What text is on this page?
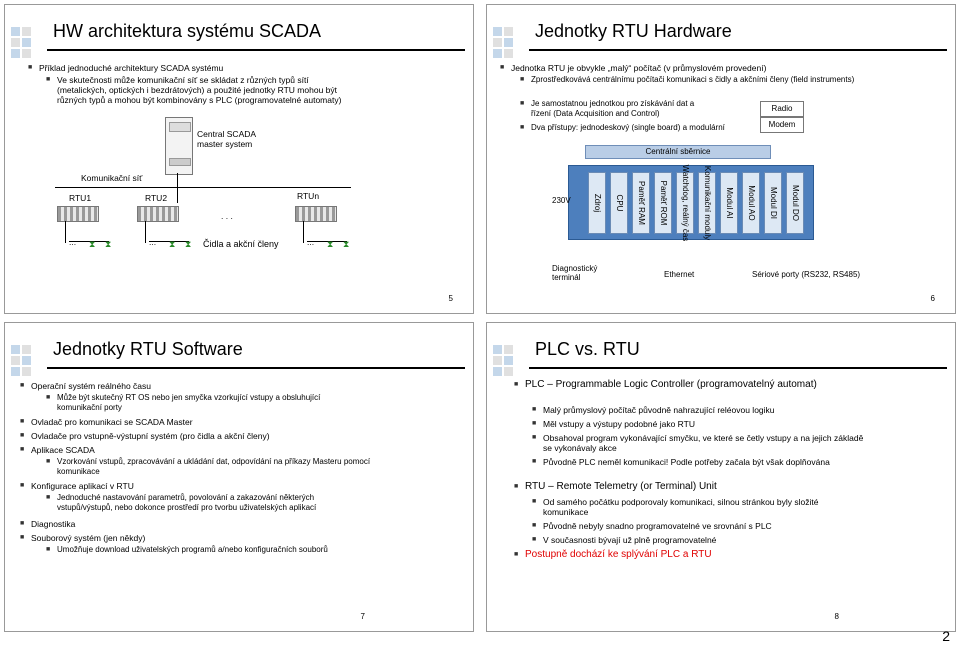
HW architektura systému SCADA
■ Příklad jednoduché architektury SCADA systému
■ Ve skutečnosti může komunikační síť se skládat z různých typů sítí (metalických, optických i bezdrátových) a použité jednotky RTU mohou být různých typů a mohou být kombinovány s PLC (programovatelné automaty)
Central SCADA master system
Komunikační síť
RTU1	RTU2	RTUn
. . .
...	...	...
⧗	⧗	⧗	⧗	⧗	⧗
Čidla a akční členy
5
Jednotky RTU Hardware
■ Jednotka RTU je obvykle „malý“ počítač (v průmyslovém provedení)
■ Zprostředkovává centrálnímu počítači komunikaci s čidly a akčními členy (field instruments)
■ Je samostatnou jednotkou pro získávání dat a řízení (Data Acquisition and Control)
■ Dva přístupy: jednodeskový (single board) a modulární
6
Radio
Modem
Centrální sběrnice
230V	Zdroj CPU Paměť RAM Paměť ROM Watchdog, reálný čas Komunikační moduly Modul AI Modul AO Modul DI Modul DO
Diagnostický terminál	Ethernet	Sériové porty (RS232, RS485)
Jednotky RTU Software
■ Operační systém reálného času
■ Může být skutečný RT OS nebo jen smyčka vzorkující vstupy a obsluhující komunikační porty
■ Ovladač pro komunikaci se SCADA Master
■ Ovladače pro vstupně-výstupní systém (pro čidla a akční členy)
■ Aplikace SCADA
■ Vzorkování vstupů, zpracovávání a ukládání dat, odpovídání na příkazy Masteru pomocí komunikace
■ Konfigurace aplikací v RTU
■ Jednoduché nastavování parametrů, povolování a zakazování některých vstupů/výstupů, nebo dokonce prostředí pro tvorbu uživatelských aplikací
■ Diagnostika
■ Souborový systém (jen někdy)
■ Umožňuje download uživatelských programů a/nebo konfiguračních souborů
7
PLC vs. RTU
■ PLC – Programmable Logic Controller (programovatelný automat)
■ Malý průmyslový počítač původně nahrazující reléovou logiku
■ Měl vstupy a výstupy podobné jako RTU
■ Obsahoval program vykonávající smyčku, ve které se četly vstupy a na jejich základě se vykonávaly akce
■ Původně PLC neměl komunikaci! Podle potřeby začala být však doplňována
■ RTU – Remote Telemetry (or Terminal) Unit
■ Od samého počátku podporovaly komunikaci, silnou stránkou byly složité komunikace
■ Původně nebyly snadno programovatelné ve srovnání s PLC
■ V současnosti bývají už plně programovatelné
■ Postupně dochází ke splývání PLC a RTU
8
2
